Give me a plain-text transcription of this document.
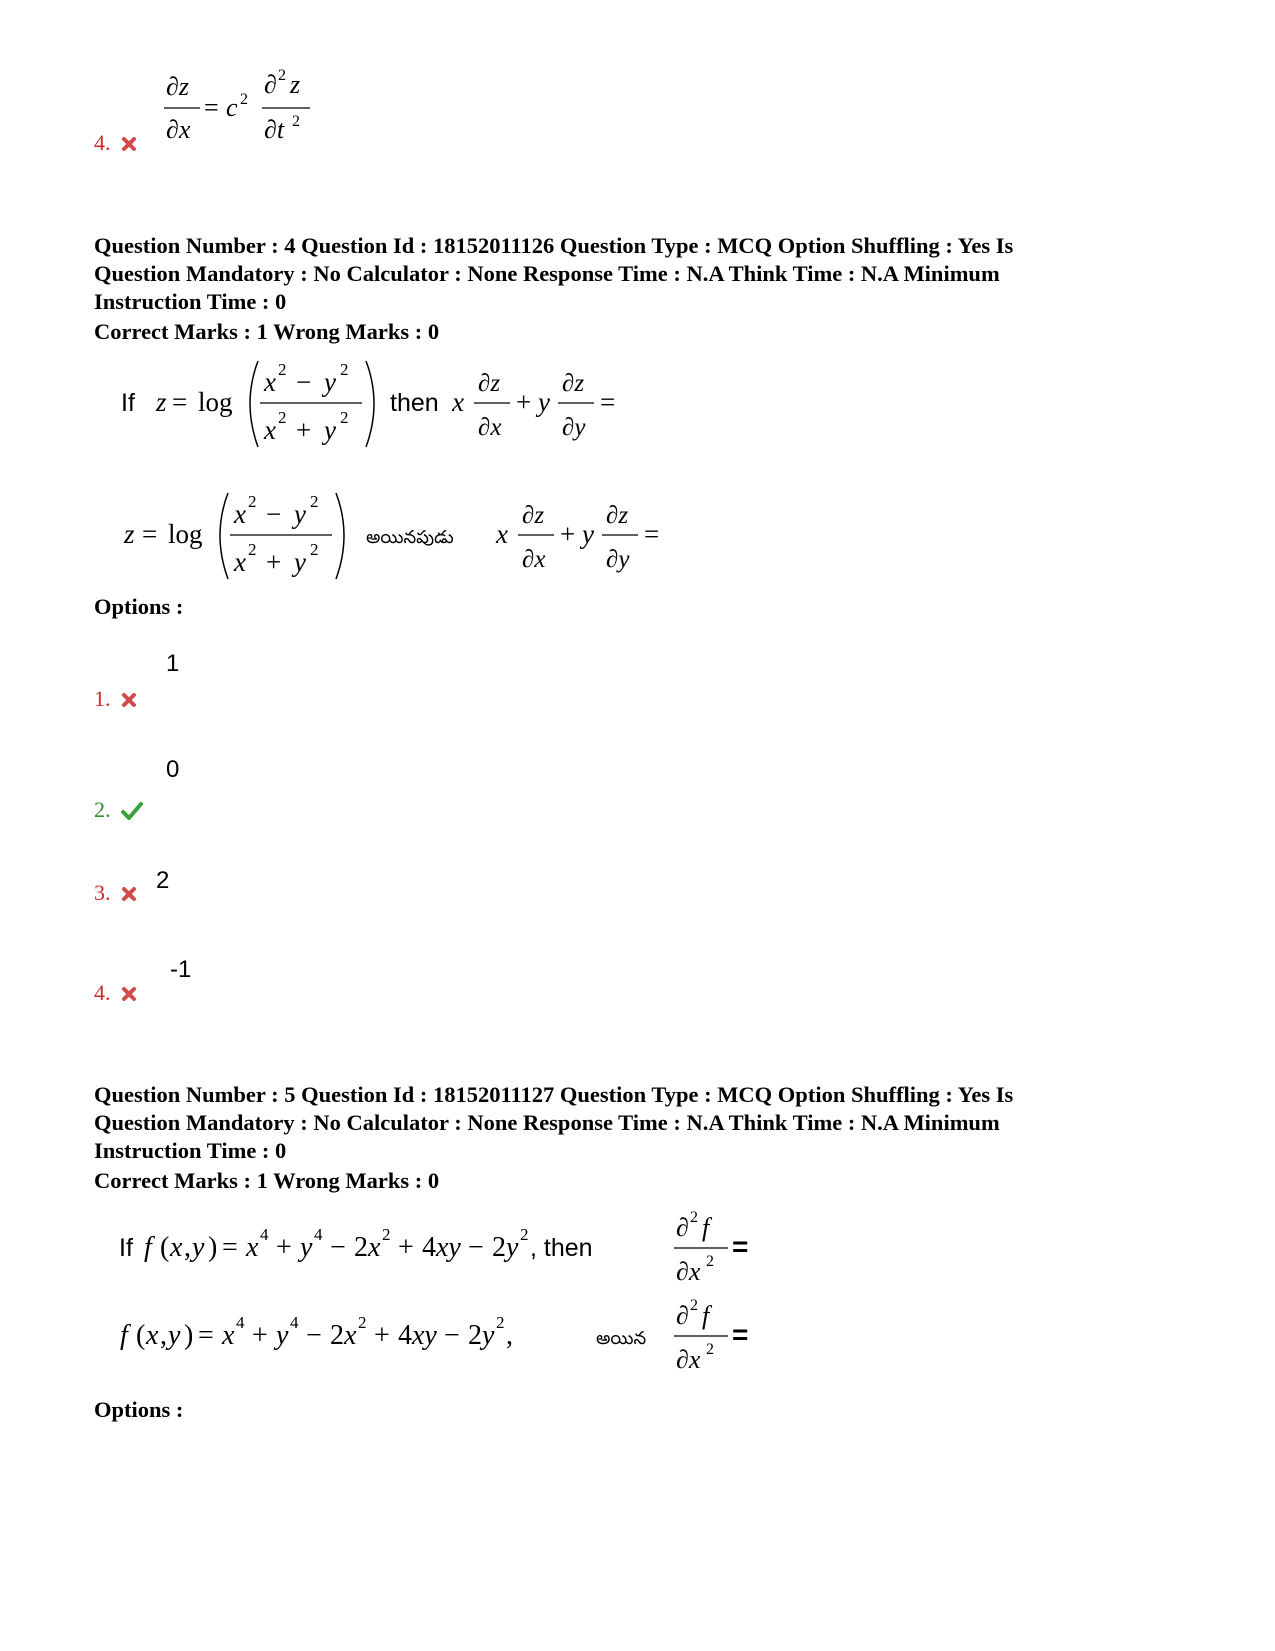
4.
∂z
∂x
= c 2
∂ 2 z
∂t 2
Question Number : 4 Question Id : 18152011126 Question Type : MCQ Option Shuffling : Yes Is
Question Mandatory : No Calculator : None Response Time : N.A Think Time : N.A Minimum
Instruction Time : 0
Correct Marks : 1 Wrong Marks : 0
If z = log
x 2 − y 2
x 2 + y 2
then x
∂z
∂x
+ y
∂z
∂y
=
z = log
x 2 − y 2
x 2 + y 2
అయినపుడు x
∂z
∂x
+ y
∂z
∂y
=
Options :
1.
1
2.
0
3.	2
4.
-1
Question Number : 5 Question Id : 18152011127 Question Type : MCQ Option Shuffling : Yes Is
Question Mandatory : No Calculator : None Response Time : N.A Think Time : N.A Minimum
Instruction Time : 0
Correct Marks : 1 Wrong Marks : 0
If f ( x , y ) = x 4 + y 4 − 2 x 2 + 4 xy − 2 y 2 , then
∂ 2 f
∂x 2 =
f ( x , y ) = x 4 + y 4 − 2 x 2 + 4 xy − 2 y 2 ,	అయిన
∂ 2 f
∂x 2 =
Options :
